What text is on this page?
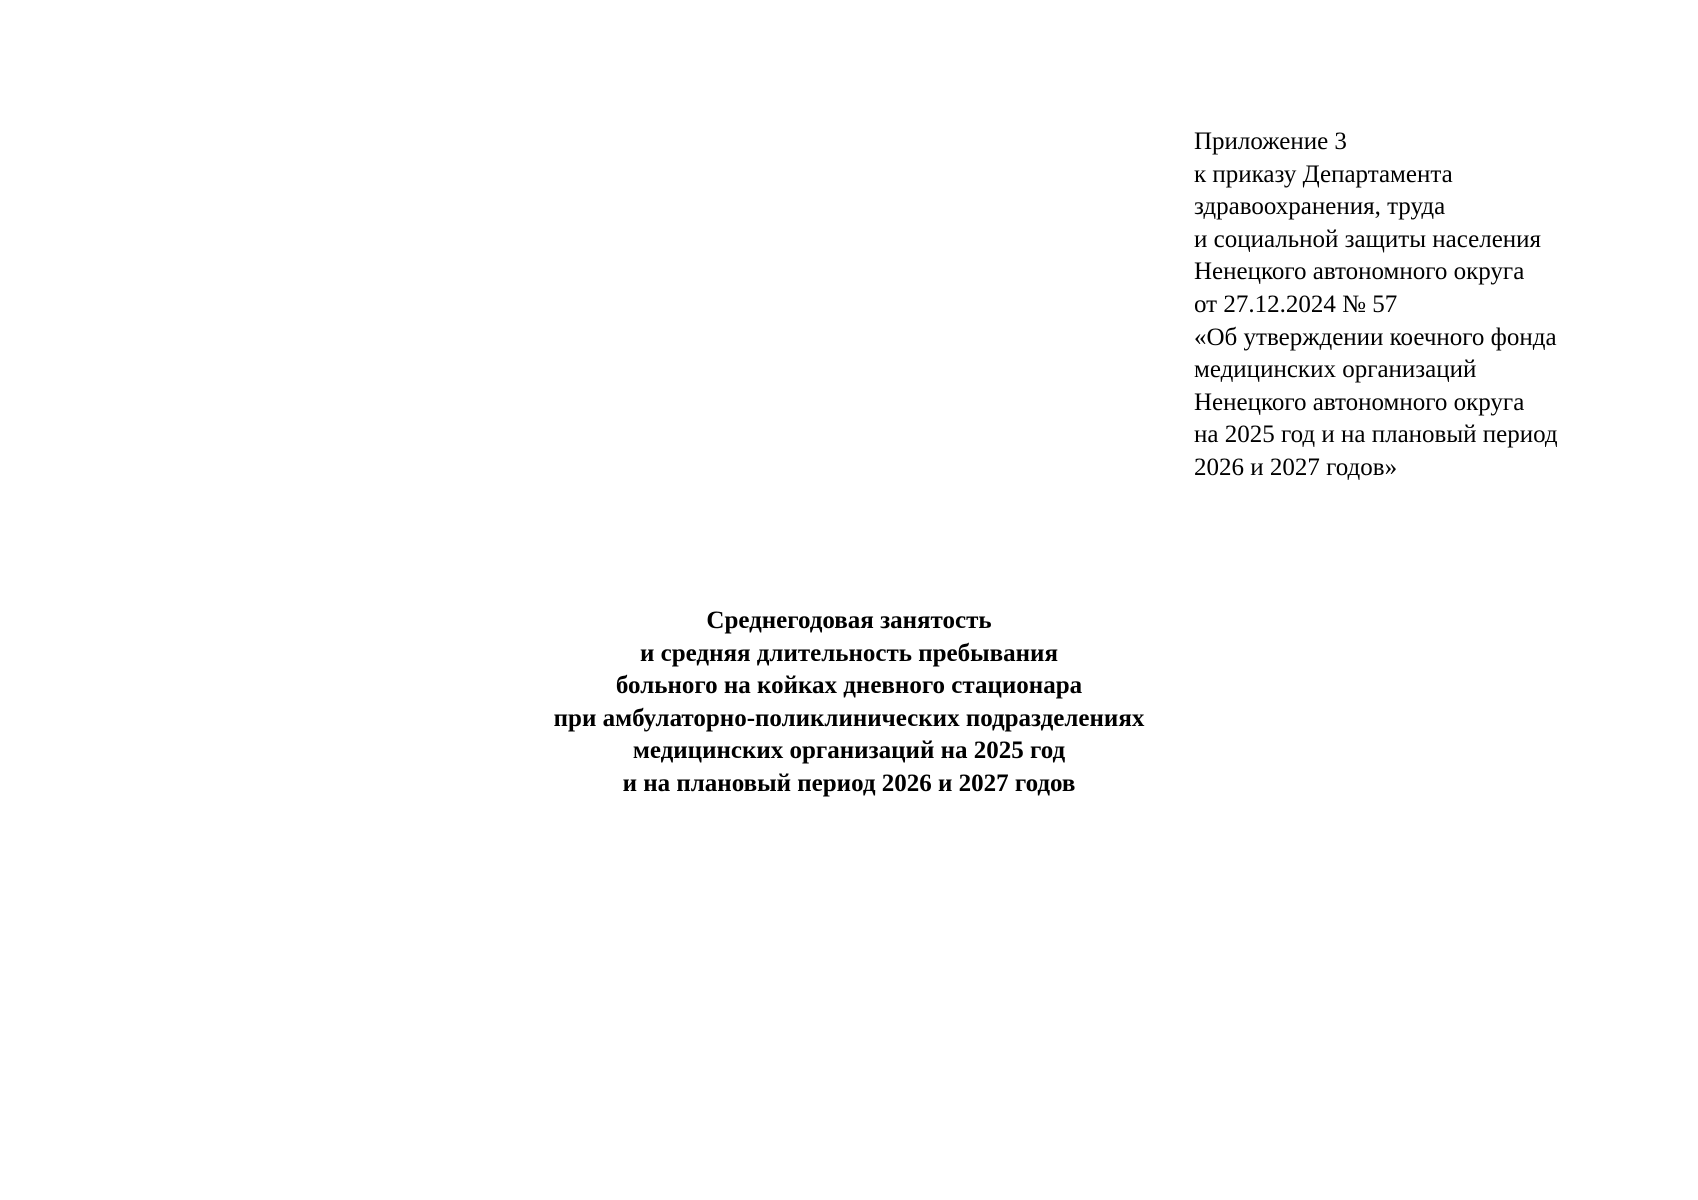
Приложение 3
к приказу Департамента
здравоохранения, труда
и социальной защиты населения
Ненецкого автономного округа
от 27.12.2024 № 57
«Об утверждении коечного фонда
медицинских организаций
Ненецкого автономного округа
на 2025 год и на плановый период
2026 и 2027 годов»
Среднегодовая занятость
и средняя длительность пребывания
больного на койках дневного стационара
при амбулаторно-поликлинических подразделениях
медицинских организаций на 2025 год
и на плановый период 2026 и 2027 годов
